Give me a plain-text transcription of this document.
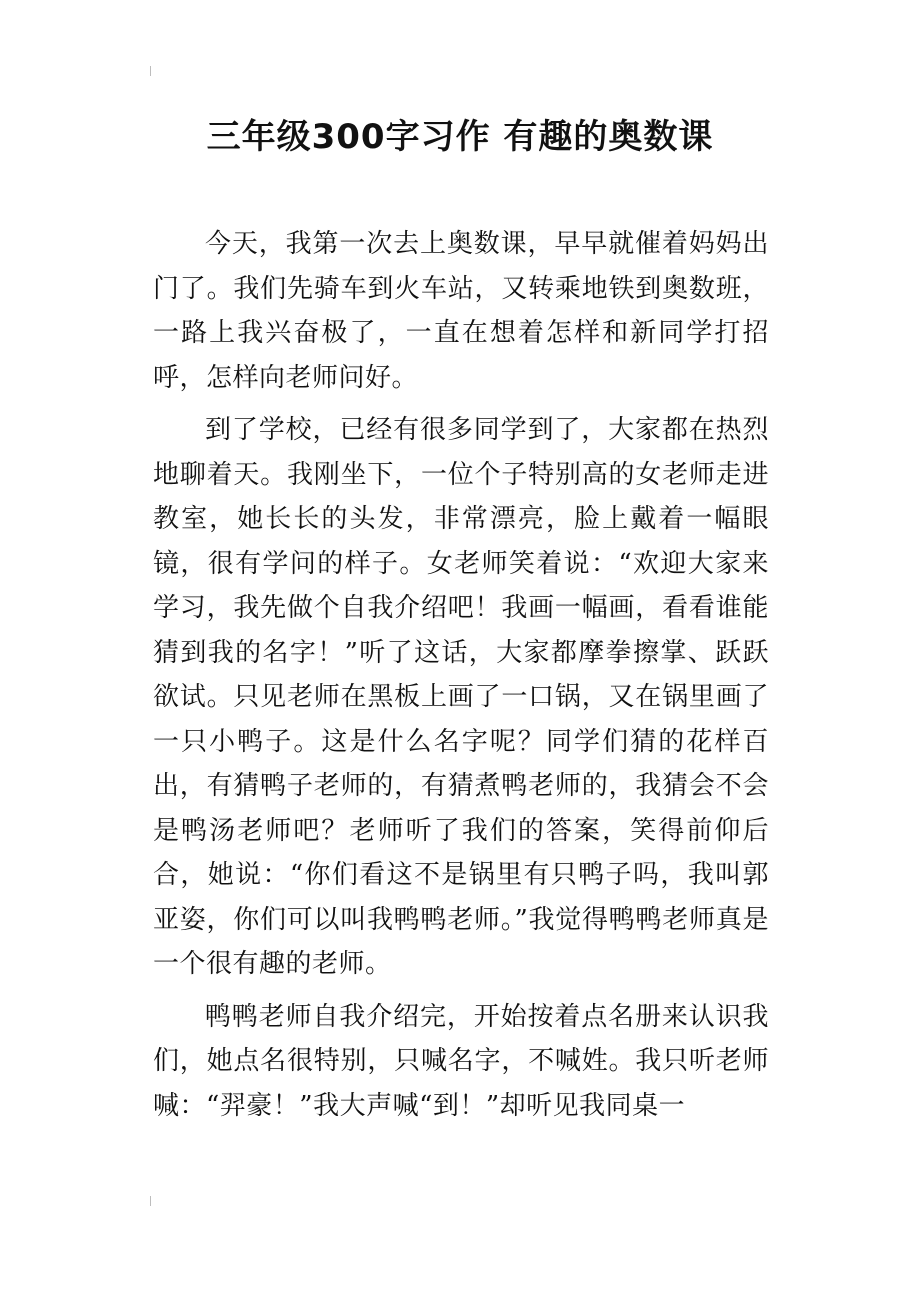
三年级300字习作 有趣的奥数课

今天，我第一次去上奥数课，早早就催着妈妈出门了。我们先骑车到火车站，又转乘地铁到奥数班，一路上我兴奋极了，一直在想着怎样和新同学打招呼，怎样向老师问好。

到了学校，已经有很多同学到了，大家都在热烈地聊着天。我刚坐下，一位个子特别高的女老师走进教室，她长长的头发，非常漂亮，脸上戴着一幅眼镜，很有学问的样子。女老师笑着说：“欢迎大家来学习，我先做个自我介绍吧！我画一幅画，看看谁能猜到我的名字！”听了这话，大家都摩拳擦掌、跃跃欲试。只见老师在黑板上画了一口锅，又在锅里画了一只小鸭子。这是什么名字呢？同学们猜的花样百出，有猜鸭子老师的，有猜煮鸭老师的，我猜会不会是鸭汤老师吧？老师听了我们的答案，笑得前仰后合，她说：“你们看这不是锅里有只鸭子吗，我叫郭亚姿，你们可以叫我鸭鸭老师。”我觉得鸭鸭老师真是一个很有趣的老师。

鸭鸭老师自我介绍完，开始按着点名册来认识我们，她点名很特别，只喊名字，不喊姓。我只听老师喊：“羿豪！”我大声喊“到！”却听见我同桌一
